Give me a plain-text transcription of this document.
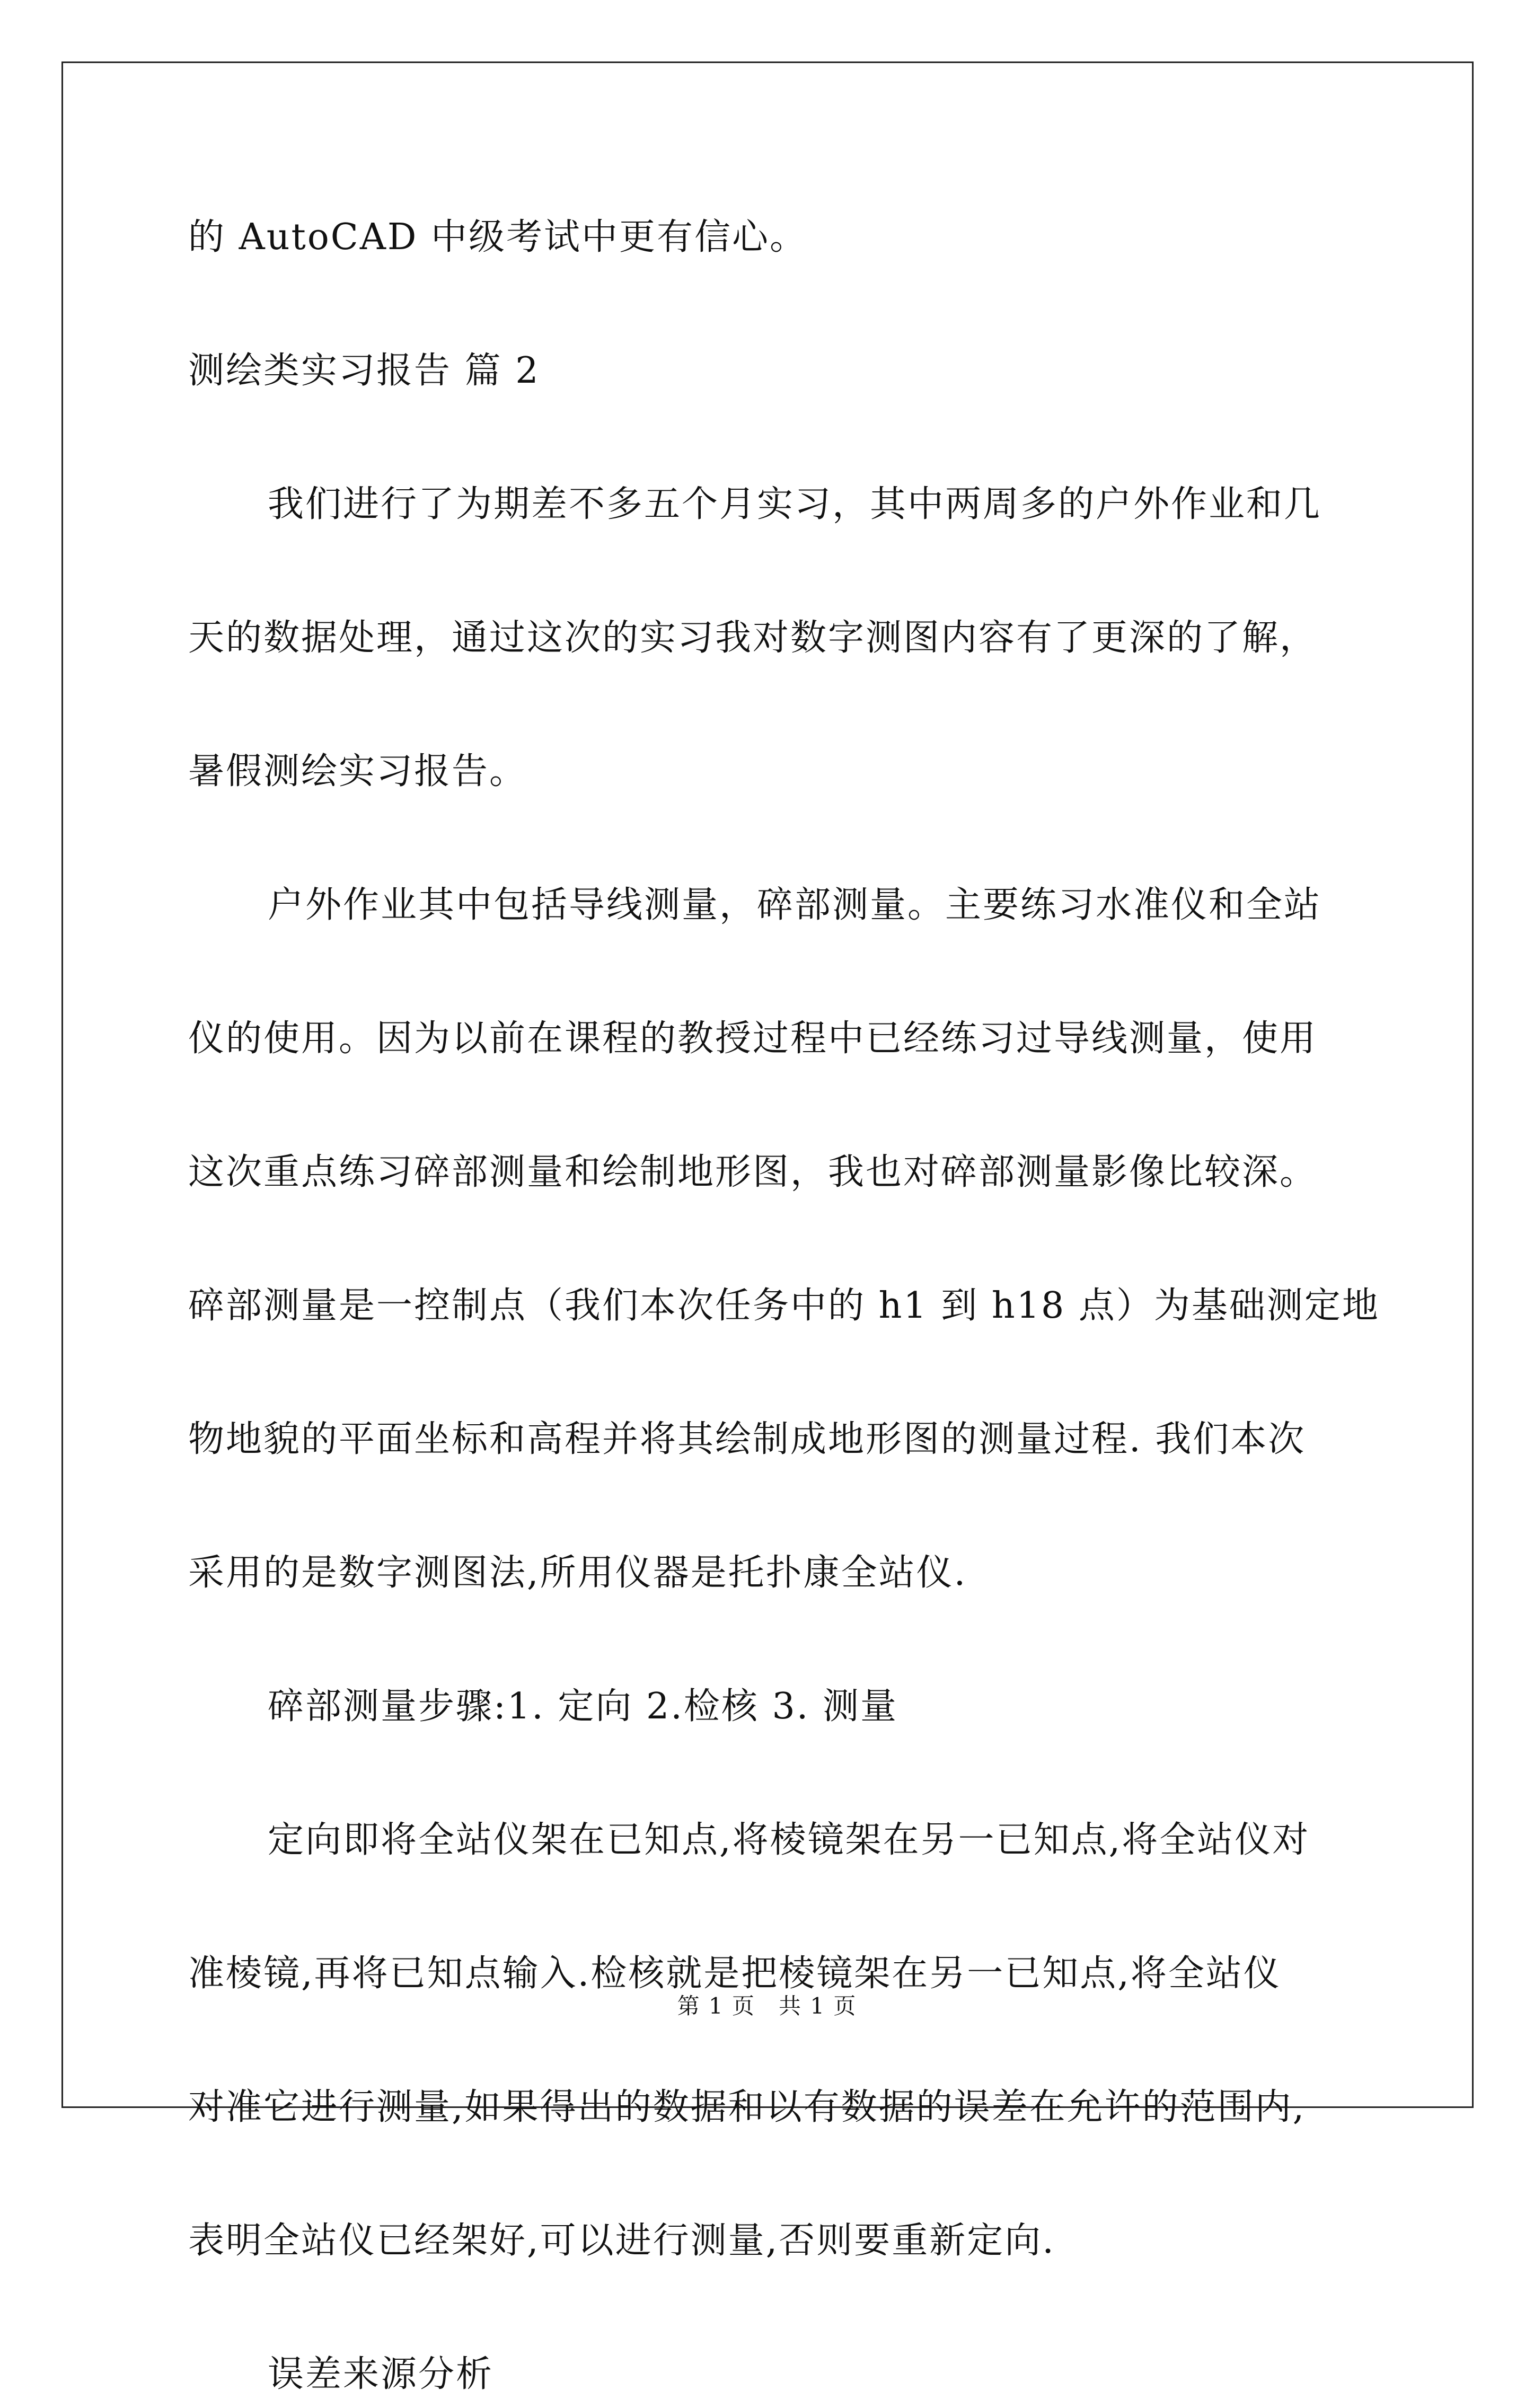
的 AutoCAD 中级考试中更有信心。
测绘类实习报告 篇 2
我们进行了为期差不多五个月实习，其中两周多的户外作业和几
天的数据处理，通过这次的实习我对数字测图内容有了更深的了解，
暑假测绘实习报告。
户外作业其中包括导线测量，碎部测量。主要练习水准仪和全站
仪的使用。因为以前在课程的教授过程中已经练习过导线测量，使用
这次重点练习碎部测量和绘制地形图，我也对碎部测量影像比较深。
碎部测量是一控制点（我们本次任务中的 h1 到 h18 点）为基础测定地
物地貌的平面坐标和高程并将其绘制成地形图的测量过程. 我们本次
采用的是数字测图法,所用仪器是托扑康全站仪.
碎部测量步骤:1. 定向 2.检核 3. 测量
定向即将全站仪架在已知点,将棱镜架在另一已知点,将全站仪对
准棱镜,再将已知点输入.检核就是把棱镜架在另一已知点,将全站仪
对准它进行测量,如果得出的数据和以有数据的误差在允许的范围内,
表明全站仪已经架好,可以进行测量,否则要重新定向.
误差来源分析
第 1 页 共 1 页
